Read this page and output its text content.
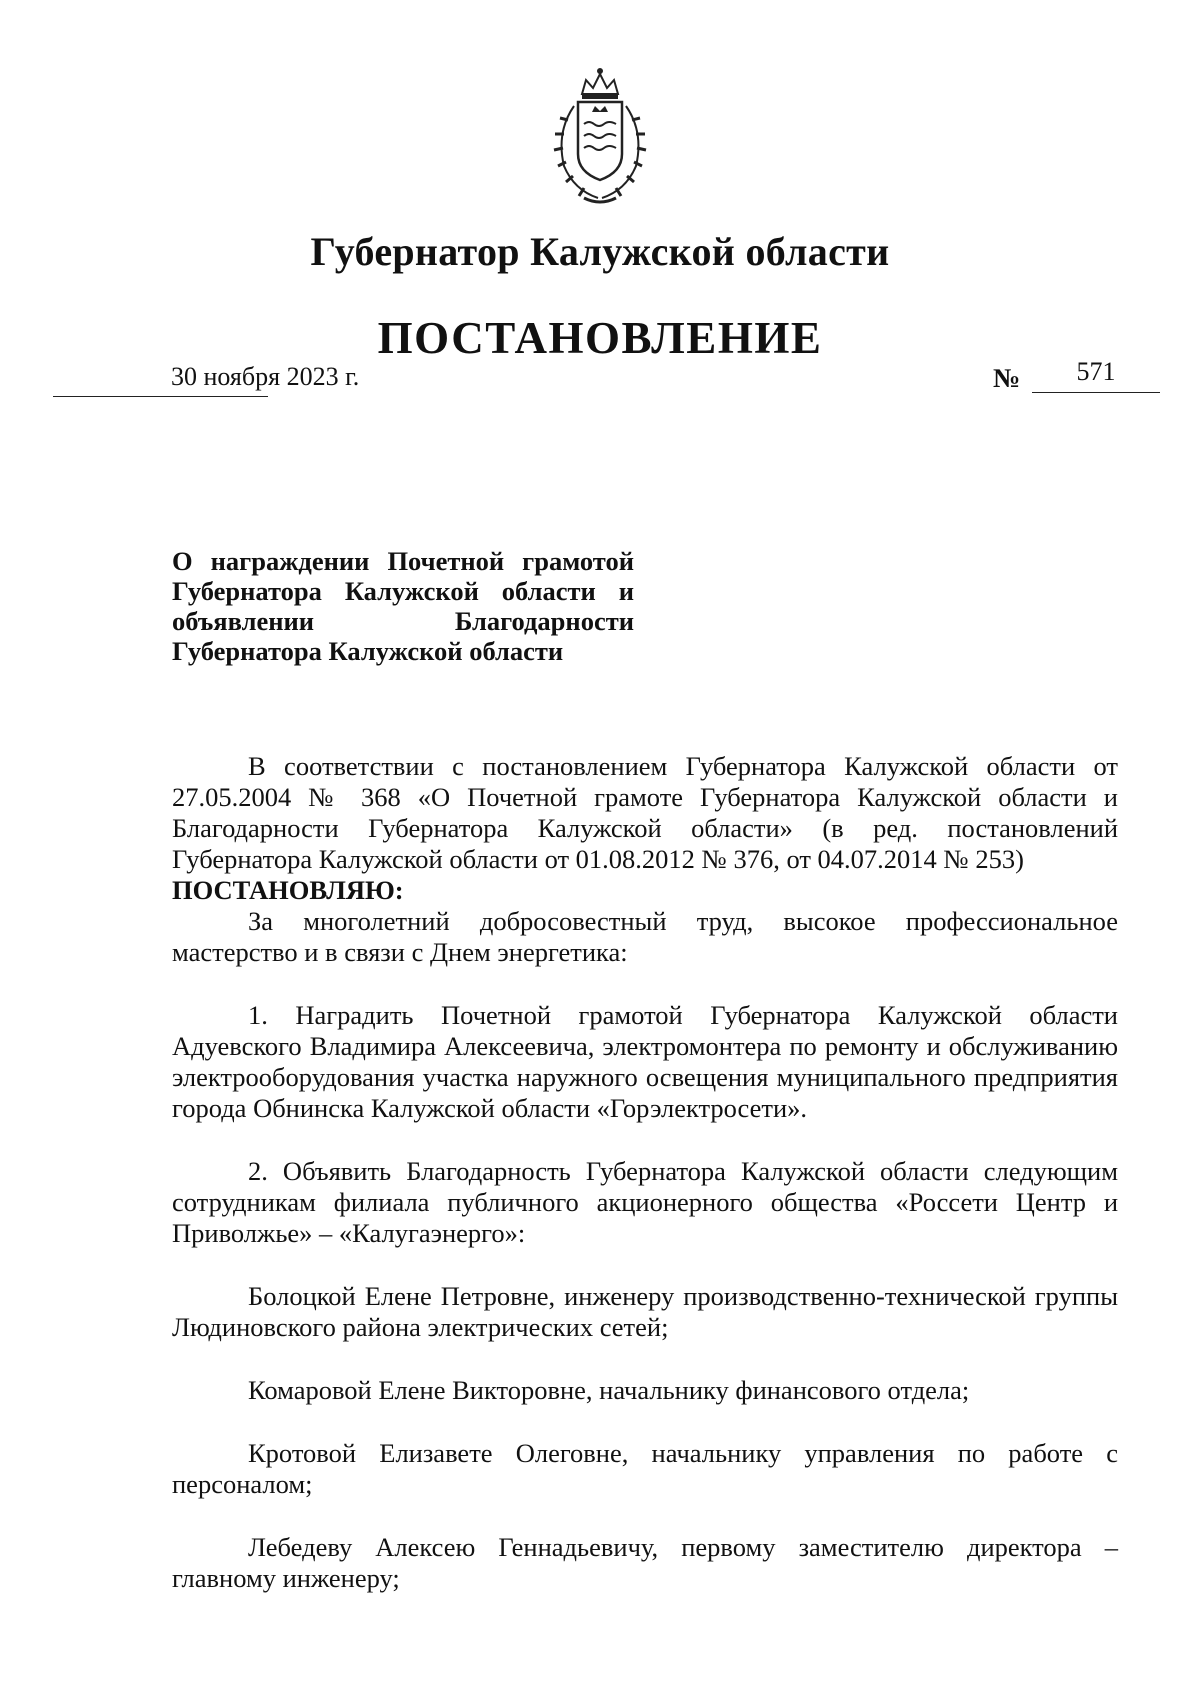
Губернатор Калужской области
ПОСТАНОВЛЕНИЕ
30 ноября 2023 г.	№	571
О награждении Почетной грамотой Губернатора Калужской области и объявлении Благодарности Губернатора Калужской области

В соответствии с постановлением Губернатора Калужской области от 27.05.2004 № 368 «О Почетной грамоте Губернатора Калужской области и Благодарности Губернатора Калужской области» (в ред. постановлений Губернатора Калужской области от 01.08.2012 № 376, от 04.07.2014 № 253)

ПОСТАНОВЛЯЮ:

За многолетний добросовестный труд, высокое профессиональное мастерство и в связи с Днем энергетика:

1. Наградить Почетной грамотой Губернатора Калужской области Адуевского Владимира Алексеевича, электромонтера по ремонту и обслуживанию электрооборудования участка наружного освещения муниципального предприятия города Обнинска Калужской области «Горэлектросети».

2. Объявить Благодарность Губернатора Калужской области следующим сотрудникам филиала публичного акционерного общества «Россети Центр и Приволжье» – «Калугаэнерго»:

Болоцкой Елене Петровне, инженеру производственно-технической группы Людиновского района электрических сетей;

Комаровой Елене Викторовне, начальнику финансового отдела;

Кротовой Елизавете Олеговне, начальнику управления по работе с персоналом;

Лебедеву Алексею Геннадьевичу, первому заместителю директора – главному инженеру;
